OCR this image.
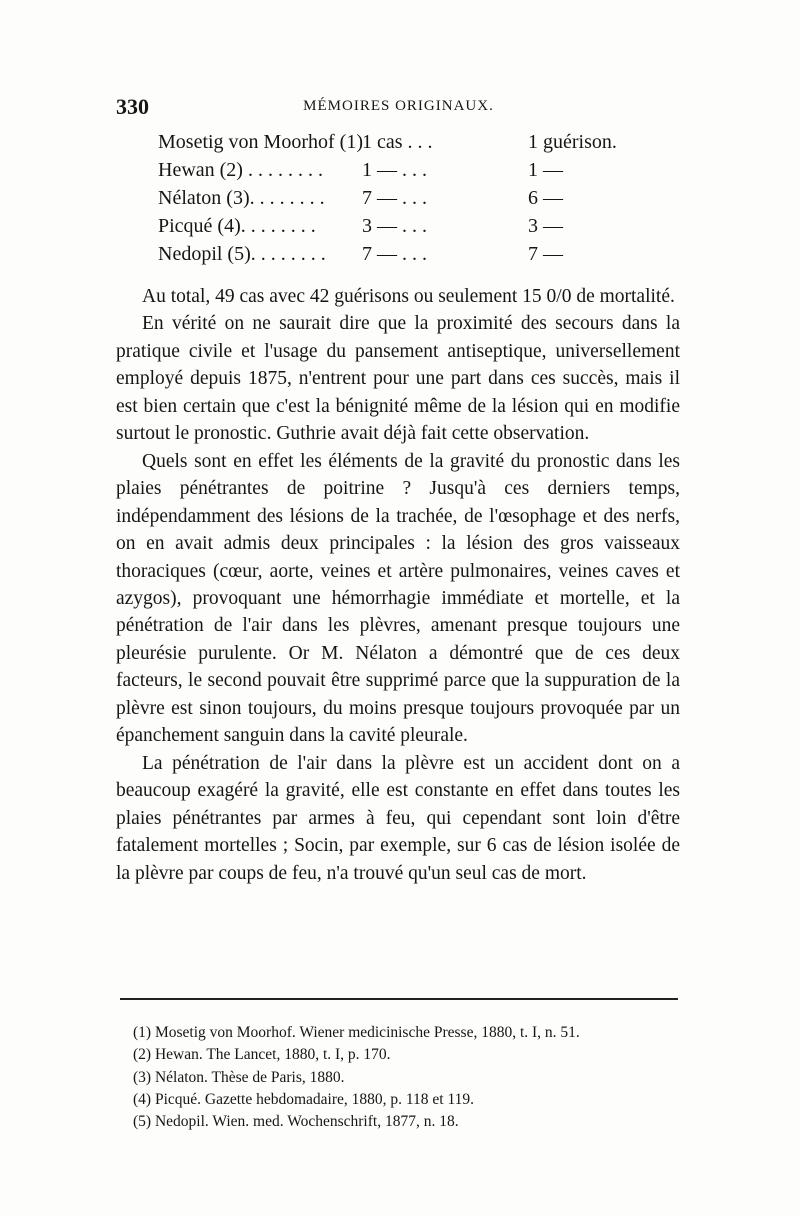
330	MÉMOIRES ORIGINAUX.
Mosetig von Moorhof (1) 1 cas . . .	1 guérison.
Hewan (2) . . . . . . . . 1 — . . .	1 —
Nélaton (3). . . . . . . . 7 — . . .	6 —
Picqué (4). . . . . . . . 3 — . . .	3 —
Nedopil (5). . . . . . . . 7 — . . .	7 —

Au total, 49 cas avec 42 guérisons ou seulement 15 0/0 de mortalité.

En vérité on ne saurait dire que la proximité des secours dans la pratique civile et l'usage du pansement antiseptique, universellement employé depuis 1875, n'entrent pour une part dans ces succès, mais il est bien certain que c'est la bénignité même de la lésion qui en modifie surtout le pronostic. Guthrie avait déjà fait cette observation.

Quels sont en effet les éléments de la gravité du pronostic dans les plaies pénétrantes de poitrine ? Jusqu'à ces derniers temps, indépendamment des lésions de la trachée, de l'œsophage et des nerfs, on en avait admis deux principales : la lésion des gros vaisseaux thoraciques (cœur, aorte, veines et artère pulmonaires, veines caves et azygos), provoquant une hémorrhagie immédiate et mortelle, et la pénétration de l'air dans les plèvres, amenant presque toujours une pleurésie purulente. Or M. Nélaton a démontré que de ces deux facteurs, le second pouvait être supprimé parce que la suppuration de la plèvre est sinon toujours, du moins presque toujours provoquée par un épanchement sanguin dans la cavité pleurale.

La pénétration de l'air dans la plèvre est un accident dont on a beaucoup exagéré la gravité, elle est constante en effet dans toutes les plaies pénétrantes par armes à feu, qui cependant sont loin d'être fatalement mortelles ; Socin, par exemple, sur 6 cas de lésion isolée de la plèvre par coups de feu, n'a trouvé qu'un seul cas de mort.

(1) Mosetig von Moorhof. Wiener medicinische Presse, 1880, t. I, n. 51.
(2) Hewan. The Lancet, 1880, t. I, p. 170.
(3) Nélaton. Thèse de Paris, 1880.
(4) Picqué. Gazette hebdomadaire, 1880, p. 118 et 119.
(5) Nedopil. Wien. med. Wochenschrift, 1877, n. 18.
